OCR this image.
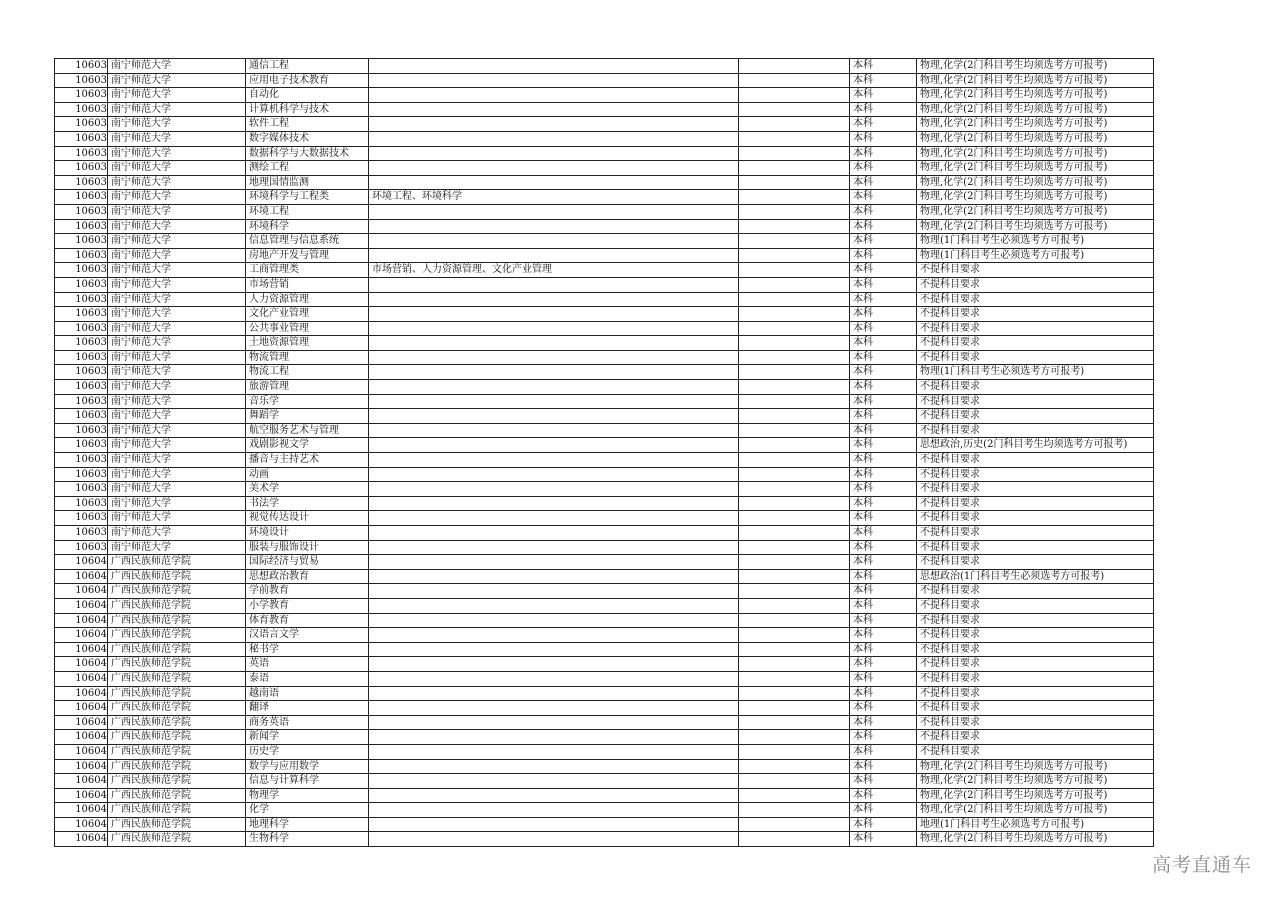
10603	南宁师范大学	通信工程			本科	物理,化学(2门科目考生均须选考方可报考)
10603	南宁师范大学	应用电子技术教育			本科	物理,化学(2门科目考生均须选考方可报考)
10603	南宁师范大学	自动化			本科	物理,化学(2门科目考生均须选考方可报考)
10603	南宁师范大学	计算机科学与技术			本科	物理,化学(2门科目考生均须选考方可报考)
10603	南宁师范大学	软件工程			本科	物理,化学(2门科目考生均须选考方可报考)
10603	南宁师范大学	数字媒体技术			本科	物理,化学(2门科目考生均须选考方可报考)
10603	南宁师范大学	数据科学与大数据技术			本科	物理,化学(2门科目考生均须选考方可报考)
10603	南宁师范大学	测绘工程			本科	物理,化学(2门科目考生均须选考方可报考)
10603	南宁师范大学	地理国情监测			本科	物理,化学(2门科目考生均须选考方可报考)
10603	南宁师范大学	环境科学与工程类	环境工程、环境科学		本科	物理,化学(2门科目考生均须选考方可报考)
10603	南宁师范大学	环境工程			本科	物理,化学(2门科目考生均须选考方可报考)
10603	南宁师范大学	环境科学			本科	物理,化学(2门科目考生均须选考方可报考)
10603	南宁师范大学	信息管理与信息系统			本科	物理(1门科目考生必须选考方可报考)
10603	南宁师范大学	房地产开发与管理			本科	物理(1门科目考生必须选考方可报考)
10603	南宁师范大学	工商管理类	市场营销、人力资源管理、文化产业管理		本科	不提科目要求
10603	南宁师范大学	市场营销			本科	不提科目要求
10603	南宁师范大学	人力资源管理			本科	不提科目要求
10603	南宁师范大学	文化产业管理			本科	不提科目要求
10603	南宁师范大学	公共事业管理			本科	不提科目要求
10603	南宁师范大学	土地资源管理			本科	不提科目要求
10603	南宁师范大学	物流管理			本科	不提科目要求
10603	南宁师范大学	物流工程			本科	物理(1门科目考生必须选考方可报考)
10603	南宁师范大学	旅游管理			本科	不提科目要求
10603	南宁师范大学	音乐学			本科	不提科目要求
10603	南宁师范大学	舞蹈学			本科	不提科目要求
10603	南宁师范大学	航空服务艺术与管理			本科	不提科目要求
10603	南宁师范大学	戏剧影视文学			本科	思想政治,历史(2门科目考生均须选考方可报考)
10603	南宁师范大学	播音与主持艺术			本科	不提科目要求
10603	南宁师范大学	动画			本科	不提科目要求
10603	南宁师范大学	美术学			本科	不提科目要求
10603	南宁师范大学	书法学			本科	不提科目要求
10603	南宁师范大学	视觉传达设计			本科	不提科目要求
10603	南宁师范大学	环境设计			本科	不提科目要求
10603	南宁师范大学	服装与服饰设计			本科	不提科目要求
10604	广西民族师范学院	国际经济与贸易			本科	不提科目要求
10604	广西民族师范学院	思想政治教育			本科	思想政治(1门科目考生必须选考方可报考)
10604	广西民族师范学院	学前教育			本科	不提科目要求
10604	广西民族师范学院	小学教育			本科	不提科目要求
10604	广西民族师范学院	体育教育			本科	不提科目要求
10604	广西民族师范学院	汉语言文学			本科	不提科目要求
10604	广西民族师范学院	秘书学			本科	不提科目要求
10604	广西民族师范学院	英语			本科	不提科目要求
10604	广西民族师范学院	泰语			本科	不提科目要求
10604	广西民族师范学院	越南语			本科	不提科目要求
10604	广西民族师范学院	翻译			本科	不提科目要求
10604	广西民族师范学院	商务英语			本科	不提科目要求
10604	广西民族师范学院	新闻学			本科	不提科目要求
10604	广西民族师范学院	历史学			本科	不提科目要求
10604	广西民族师范学院	数学与应用数学			本科	物理,化学(2门科目考生均须选考方可报考)
10604	广西民族师范学院	信息与计算科学			本科	物理,化学(2门科目考生均须选考方可报考)
10604	广西民族师范学院	物理学			本科	物理,化学(2门科目考生均须选考方可报考)
10604	广西民族师范学院	化学			本科	物理,化学(2门科目考生均须选考方可报考)
10604	广西民族师范学院	地理科学			本科	地理(1门科目考生必须选考方可报考)
10604	广西民族师范学院	生物科学			本科	物理,化学(2门科目考生均须选考方可报考)
高考直通车
